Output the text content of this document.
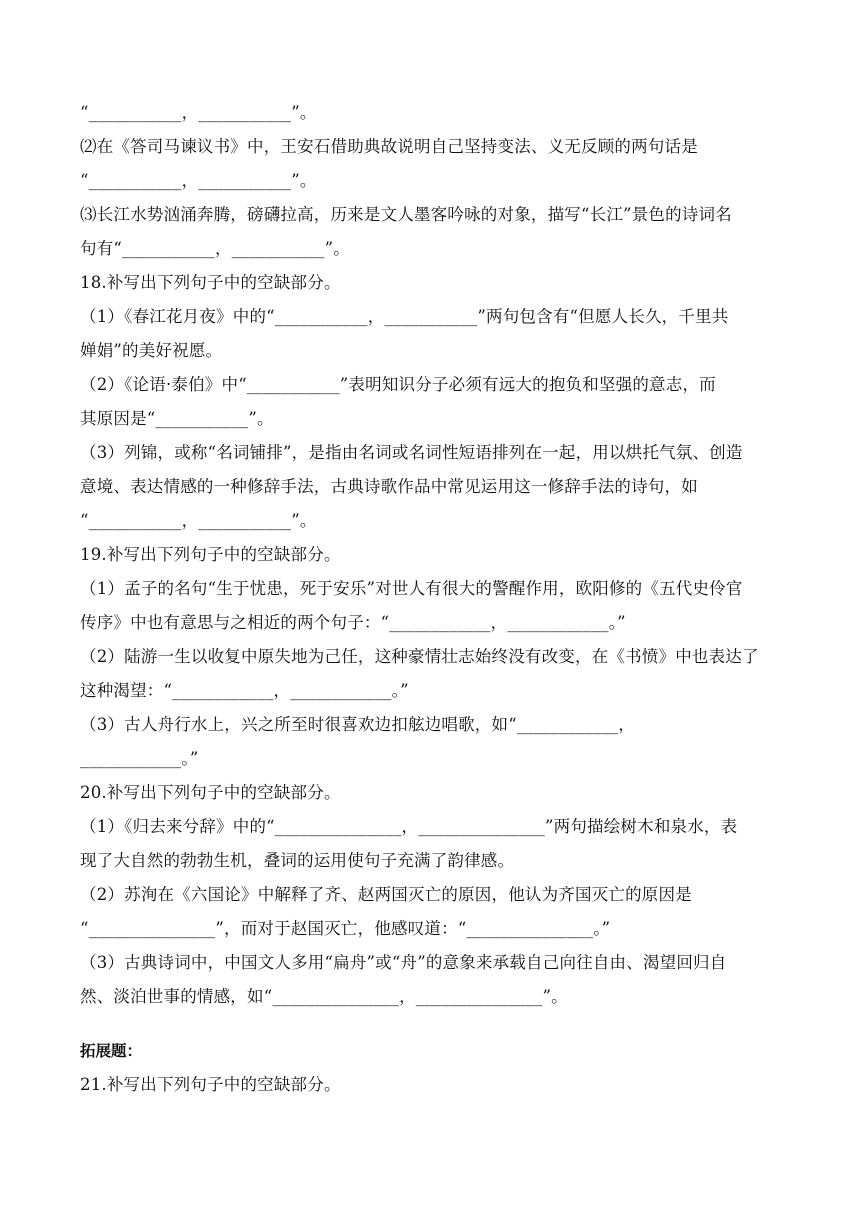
“___________，___________”。
⑵在《答司马谏议书》中，王安石借助典故说明自己坚持变法、义无反顾的两句话是
“___________，___________”。
⑶长江水势汹涌奔腾，磅礴拉高，历来是文人墨客吟咏的对象，描写“长江”景色的诗词名
句有“___________，___________”。
18.补写出下列句子中的空缺部分。
（1）《春江花月夜》中的“___________，___________”两句包含有“但愿人长久，千里共
婵娟”的美好祝愿。
（2）《论语·泰伯》中“___________”表明知识分子必须有远大的抱负和坚强的意志，而
其原因是“___________”。
（3）列锦，或称“名词铺排”，是指由名词或名词性短语排列在一起，用以烘托气氛、创造
意境、表达情感的一种修辞手法，古典诗歌作品中常见运用这一修辞手法的诗句，如
“___________，___________”。
19.补写出下列句子中的空缺部分。
（1）孟子的名句“生于忧患，死于安乐”对世人有很大的警醒作用，欧阳修的《五代史伶官
传序》中也有意思与之相近的两个句子：“____________，____________。”
（2）陆游一生以收复中原失地为己任，这种豪情壮志始终没有改变，在《书愤》中也表达了
这种渴望：“____________，____________。”
（3）古人舟行水上，兴之所至时很喜欢边扣舷边唱歌，如“____________，
____________。”
20.补写出下列句子中的空缺部分。
（1）《归去来兮辞》中的“_______________，_______________”两句描绘树木和泉水，表
现了大自然的勃勃生机，叠词的运用使句子充满了韵律感。
（2）苏洵在《六国论》中解释了齐、赵两国灭亡的原因，他认为齐国灭亡的原因是
“_______________”，而对于赵国灭亡，他感叹道：“_______________。”
（3）古典诗词中，中国文人多用“扁舟”或“舟”的意象来承载自己向往自由、渴望回归自
然、淡泊世事的情感，如“_______________，_______________”。
拓展题：
21.补写出下列句子中的空缺部分。
